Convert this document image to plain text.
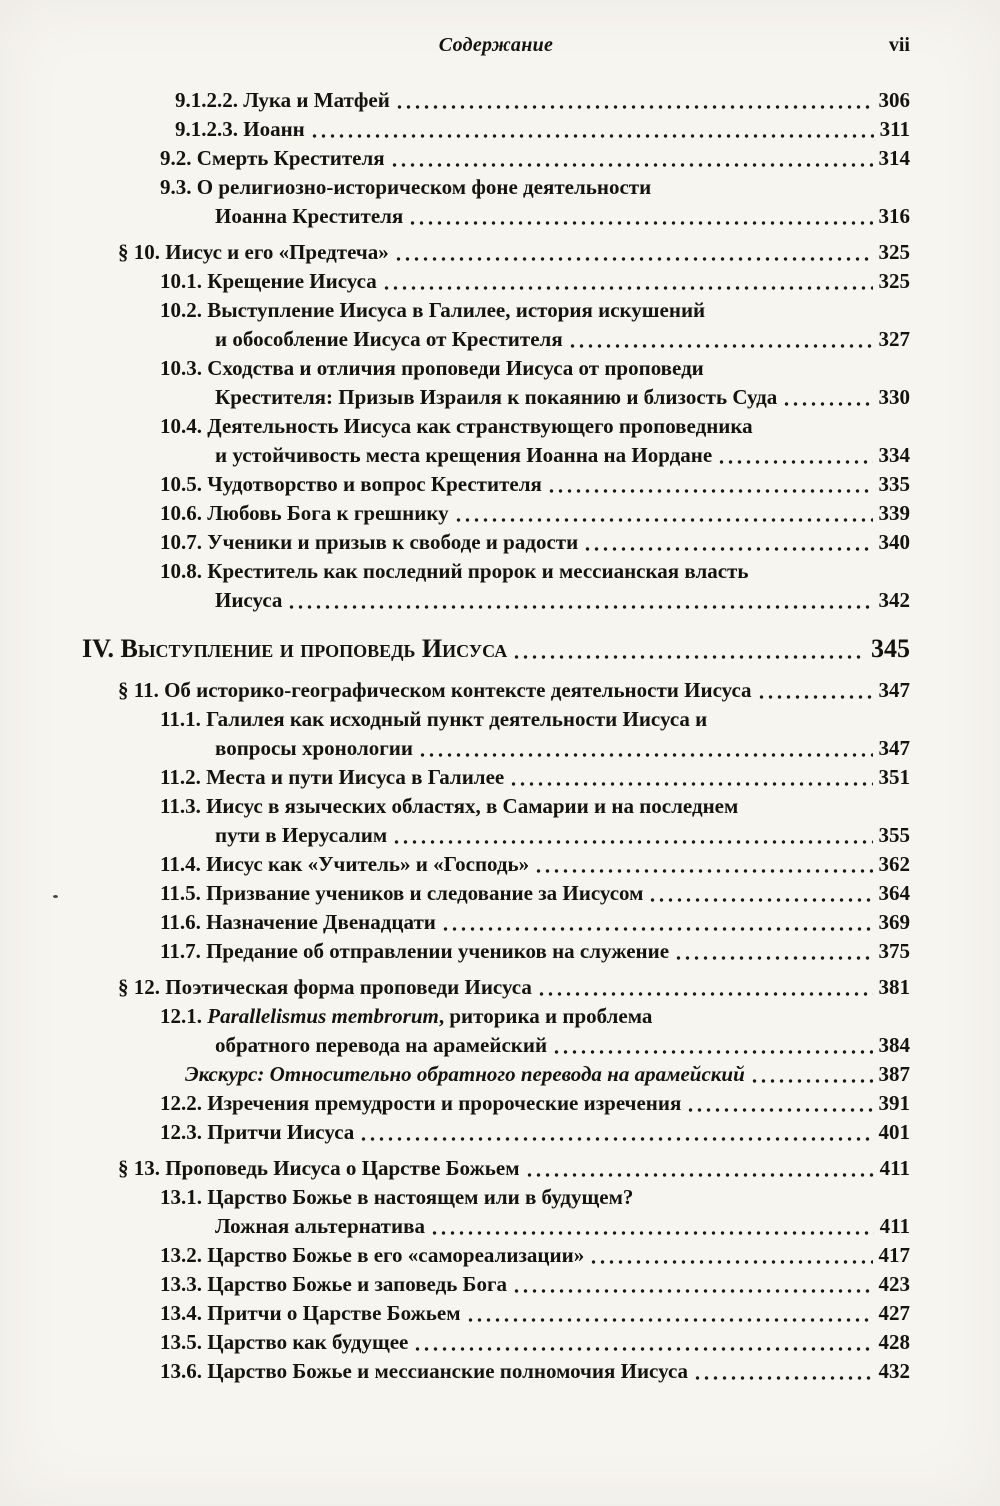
Содержание	vii
9.1.2.2. Лука и Матфей	306
9.1.2.3. Иоанн	311
9.2. Смерть Крестителя	314
9.3. О религиозно-историческом фоне деятельности
Иоанна Крестителя	316
§ 10. Иисус и его «Предтеча»	325
10.1. Крещение Иисуса	325
10.2. Выступление Иисуса в Галилее, история искушений
и обособление Иисуса от Крестителя	327
10.3. Сходства и отличия проповеди Иисуса от проповеди
Крестителя: Призыв Израиля к покаянию и близость Суда	330
10.4. Деятельность Иисуса как странствующего проповедника
и устойчивость места крещения Иоанна на Иордане	334
10.5. Чудотворство и вопрос Крестителя	335
10.6. Любовь Бога к грешнику	339
10.7. Ученики и призыв к свободе и радости	340
10.8. Креститель как последний пророк и мессианская власть
Иисуса	342
IV. Выступление и проповедь Иисуса	345
§ 11. Об историко-географическом контексте деятельности Иисуса	347
11.1. Галилея как исходный пункт деятельности Иисуса и
вопросы хронологии	347
11.2. Места и пути Иисуса в Галилее	351
11.3. Иисус в языческих областях, в Самарии и на последнем
пути в Иерусалим	355
11.4. Иисус как «Учитель» и «Господь»	362
11.5. Призвание учеников и следование за Иисусом	364
11.6. Назначение Двенадцати	369
11.7. Предание об отправлении учеников на служение	375
§ 12. Поэтическая форма проповеди Иисуса	381
12.1. Parallelismus membrorum, риторика и проблема
обратного перевода на арамейский	384
Экскурс: Относительно обратного перевода на арамейский	387
12.2. Изречения премудрости и пророческие изречения	391
12.3. Притчи Иисуса	401
§ 13. Проповедь Иисуса о Царстве Божьем	411
13.1. Царство Божье в настоящем или в будущем?
Ложная альтернатива	411
13.2. Царство Божье в его «самореализации»	417
13.3. Царство Божье и заповедь Бога	423
13.4. Притчи о Царстве Божьем	427
13.5. Царство как будущее	428
13.6. Царство Божье и мессианские полномочия Иисуса	432
